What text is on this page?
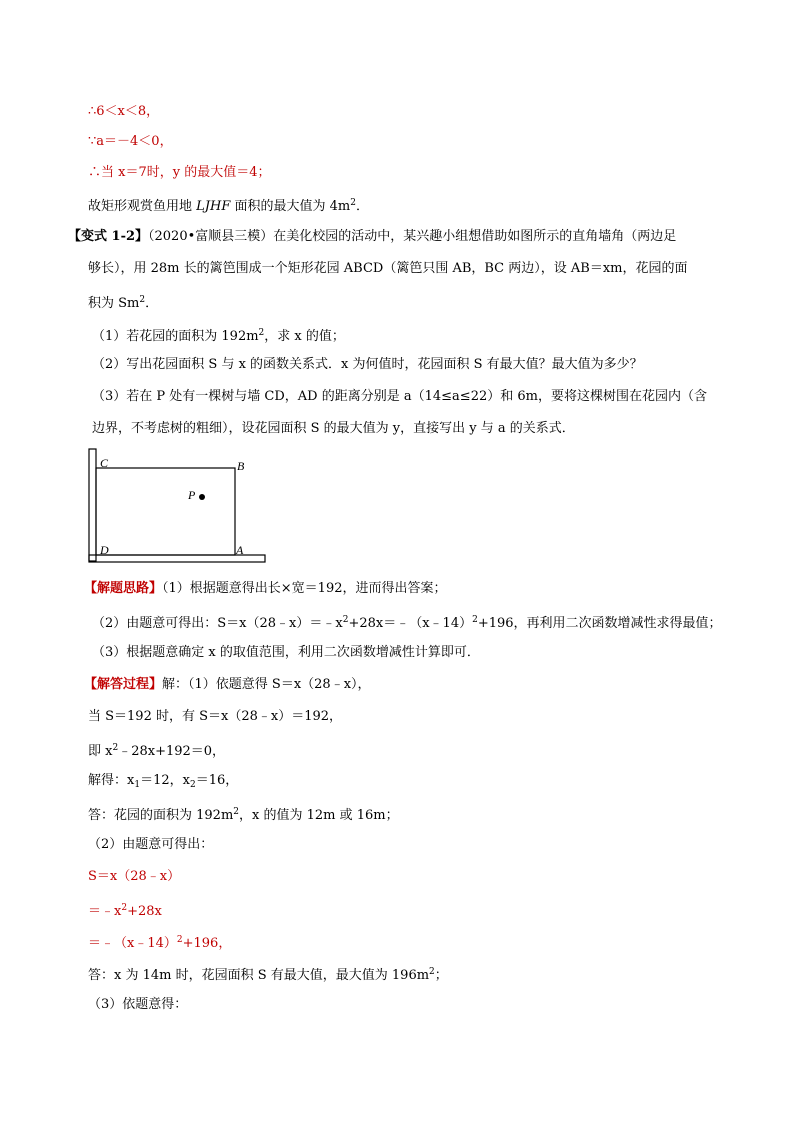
∴6＜x＜8，
∵a＝－4＜0，
∴当 x＝7时，y 的最大值＝4；
故矩形观赏鱼用地 LJHF 面积的最大值为 $4m^2$．
【变式 1-2】（2020•富顺县三模）在美化校园的活动中，某兴趣小组想借助如图所示的直角墙角（两边足
够长），用 28m 长的篱笆围成一个矩形花园 ABCD（篱笆只围 AB，BC 两边），设 AB＝xm，花园的面
积为 Sm$^2$．
（1）若花园的面积为 $192m^2$，求 x 的值；
（2）写出花园面积 S 与 x 的函数关系式．x 为何值时，花园面积 S 有最大值？最大值为多少？
（3）若在 P 处有一棵树与墙 CD，AD 的距离分别是 a（14≤a≤22）和 6m，要将这棵树围在花园内（含
边界，不考虑树的粗细），设花园面积 S 的最大值为 y，直接写出 y 与 a 的关系式．
C	B
P
D	A
【解题思路】（1）根据题意得出长×宽＝192，进而得出答案；
（2）由题意可得出：$S=x(28﹣x)=﹣x^2+28x=﹣(x﹣14)^2+196$，再利用二次函数增减性求得最值；
（3）根据题意确定 x 的取值范围，利用二次函数增减性计算即可．
【解答过程】解：（1）依题意得 S＝x（28﹣x），
当 S＝192 时，有 S＝x（28﹣x）＝192，
即 $x^2﹣28x+192=0$，
解得：$x_1=12$，$x_2=16$，
答：花园的面积为 $192m^2$，x 的值为 12m 或 16m；
（2）由题意可得出：
S＝x（28﹣x）
$=﹣x^2+28x$
＝﹣（x﹣14）$^2$+196，
答：x 为 14m 时，花园面积 S 有最大值，最大值为 $196m^2$；
（3）依题意得：
